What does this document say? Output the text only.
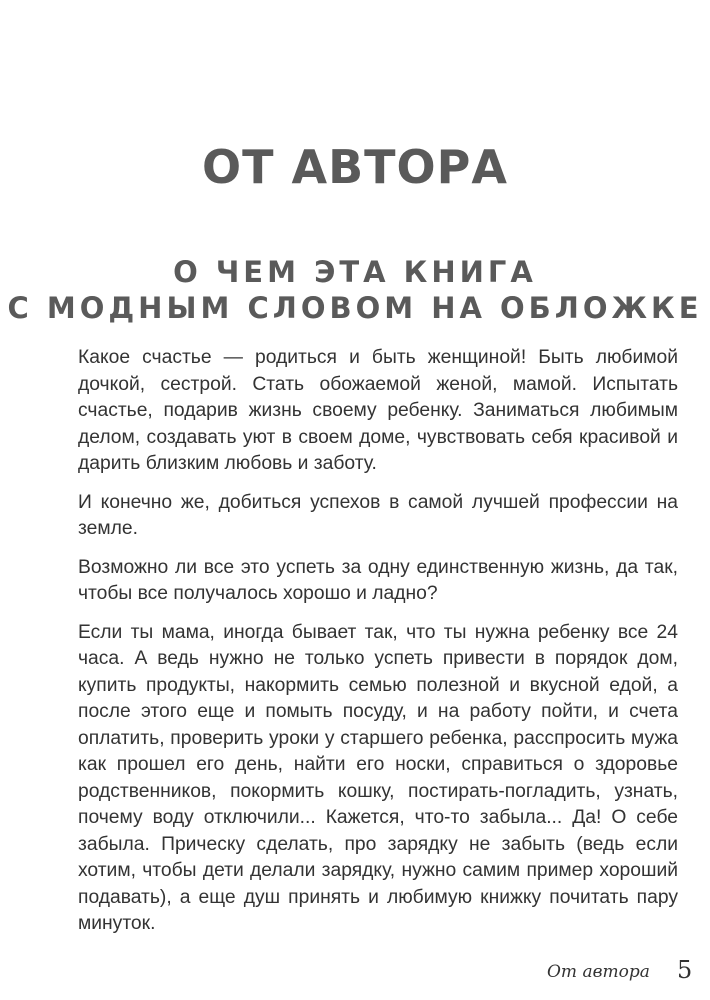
ОТ АВТОРА
О ЧЕМ ЭТА КНИГА
С МОДНЫМ СЛОВОМ НА ОБЛОЖКЕ

Какое счастье — родиться и быть женщиной! Быть любимой дочкой, сестрой. Стать обожаемой женой, мамой. Испытать счастье, подарив жизнь своему ребенку. Заниматься любимым делом, создавать уют в своем доме, чувствовать себя красивой и дарить близким любовь и заботу.

И конечно же, добиться успехов в самой лучшей профессии на земле.

Возможно ли все это успеть за одну единственную жизнь, да так, чтобы все получалось хорошо и ладно?

Если ты мама, иногда бывает так, что ты нужна ребенку все 24 часа. А ведь нужно не только успеть привести в порядок дом, купить продукты, накормить семью полезной и вкусной едой, а после этого еще и помыть посуду, и на работу пойти, и счета оплатить, проверить уроки у старшего ребенка, расспросить мужа как прошел его день, найти его носки, справиться о здоровье родственников, покормить кошку, постирать-погладить, узнать, почему воду отключили... Кажется, что-то забыла... Да! О себе забыла. Прическу сделать, про зарядку не забыть (ведь если хотим, чтобы дети делали зарядку, нужно самим пример хороший подавать), а еще душ принять и любимую книжку почитать пару минуток.

От автора 5
